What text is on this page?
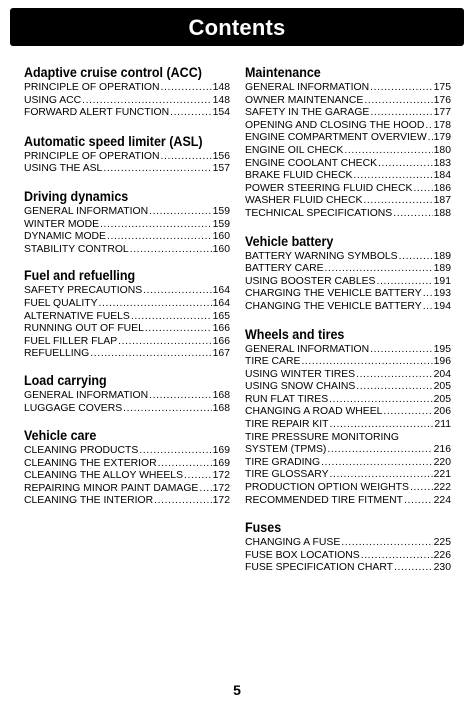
Contents
Adaptive cruise control (ACC)
PRINCIPLE OF OPERATION .....	148
USING ACC .....	148
FORWARD ALERT FUNCTION .....	154
Automatic speed limiter (ASL)
PRINCIPLE OF OPERATION .....	156
USING THE ASL .....	157
Driving dynamics
GENERAL INFORMATION .....	159
WINTER MODE .....	159
DYNAMIC MODE .....	160
STABILITY CONTROL .....	160
Fuel and refuelling
SAFETY PRECAUTIONS .....	164
FUEL QUALITY .....	164
ALTERNATIVE FUELS .....	165
RUNNING OUT OF FUEL .....	166
FUEL FILLER FLAP .....	166
REFUELLING .....	167
Load carrying
GENERAL INFORMATION .....	168
LUGGAGE COVERS .....	168
Vehicle care
CLEANING PRODUCTS .....	169
CLEANING THE EXTERIOR .....	169
CLEANING THE ALLOY WHEELS .....	172
REPAIRING MINOR PAINT DAMAGE ..... 172
CLEANING THE INTERIOR .....	172
Maintenance
GENERAL INFORMATION .....	175
OWNER MAINTENANCE .....	176
SAFETY IN THE GARAGE .....	177
OPENING AND CLOSING THE HOOD ..... 178
ENGINE COMPARTMENT OVERVIEW ..... 179
ENGINE OIL CHECK .....	180
ENGINE COOLANT CHECK .....	183
BRAKE FLUID CHECK .....	184
POWER STEERING FLUID CHECK ..... 186
WASHER FLUID CHECK .....	187
TECHNICAL SPECIFICATIONS .....	188
Vehicle battery
BATTERY WARNING SYMBOLS .....	189
BATTERY CARE .....	189
USING BOOSTER CABLES .....	191
CHARGING THE VEHICLE BATTERY ..... 193
CHANGING THE VEHICLE BATTERY ..... 194
Wheels and tires
GENERAL INFORMATION .....	195
TIRE CARE .....	196
USING WINTER TIRES .....	204
USING SNOW CHAINS .....	205
RUN FLAT TIRES .....	205
CHANGING A ROAD WHEEL .....	206
TIRE REPAIR KIT .....	211
TIRE PRESSURE MONITORING
SYSTEM (TPMS) .....	216
TIRE GRADING .....	220
TIRE GLOSSARY .....	221
PRODUCTION OPTION WEIGHTS ..... 222
RECOMMENDED TIRE FITMENT .....	224
Fuses
CHANGING A FUSE .....	225
FUSE BOX LOCATIONS .....	226
FUSE SPECIFICATION CHART .....	230
5
